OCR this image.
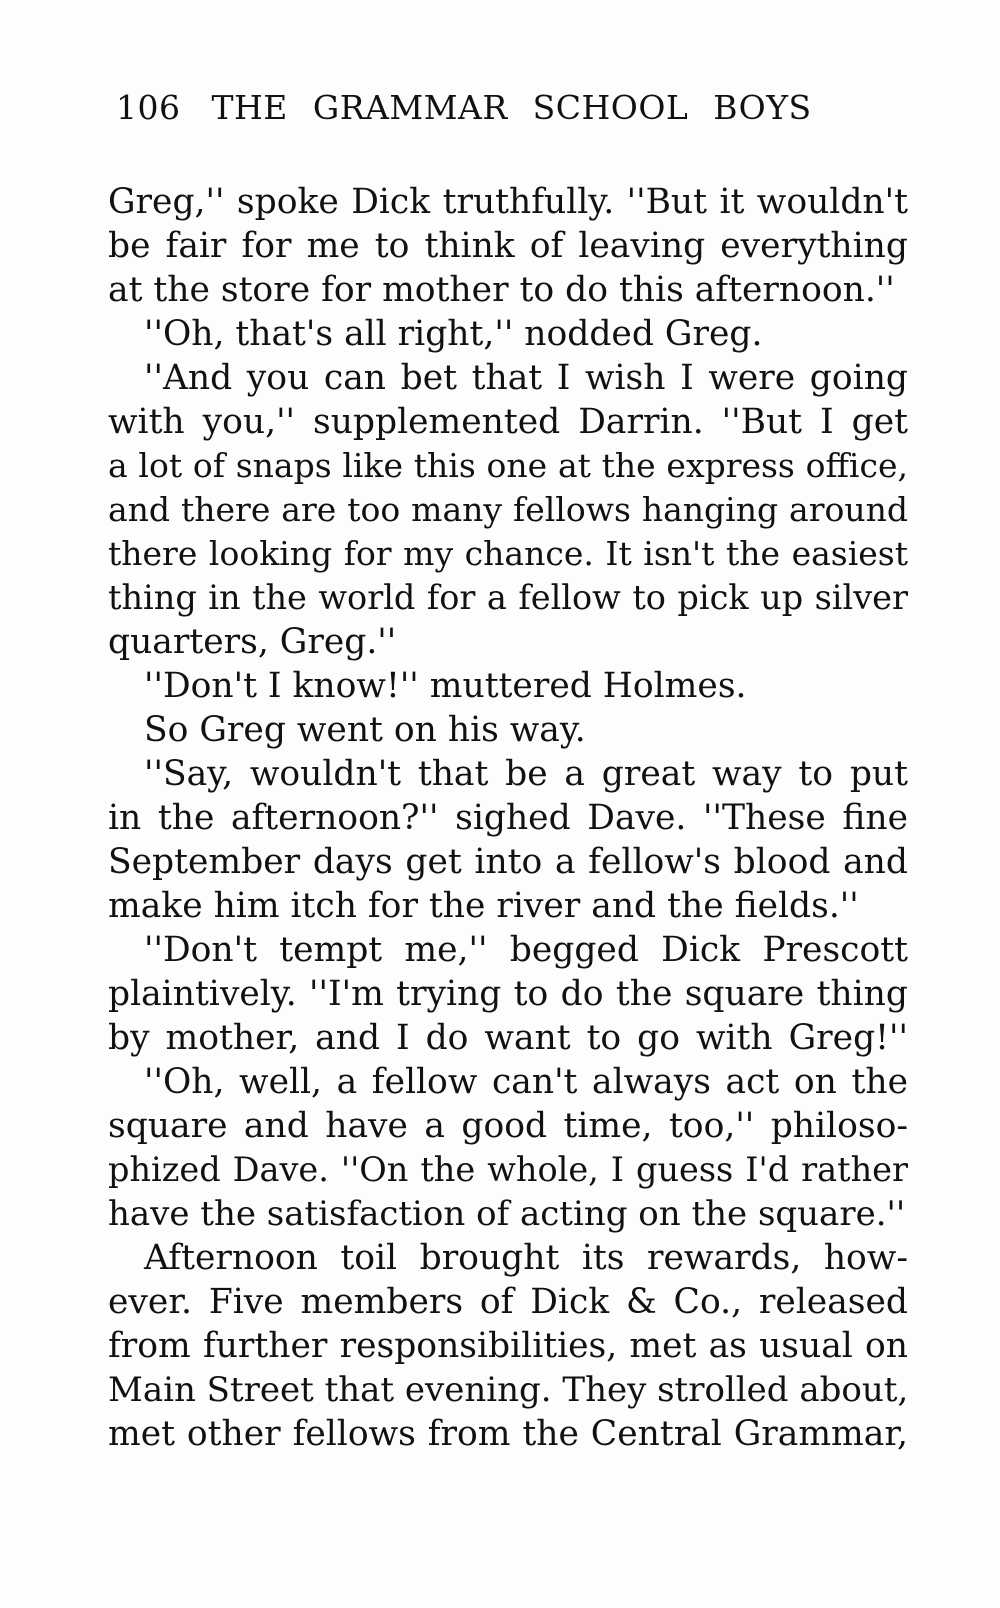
106 THE GRAMMAR SCHOOL BOYS
Greg,'' spoke Dick truthfully. ''But it wouldn't
be fair for me to think of leaving everything
at the store for mother to do this afternoon.''
''Oh, that's all right,'' nodded Greg.
''And you can bet that I wish I were going
with you,'' supplemented Darrin. ''But I get
a lot of snaps like this one at the express office,
and there are too many fellows hanging around
there looking for my chance. It isn't the easiest
thing in the world for a fellow to pick up silver
quarters, Greg.''
''Don't I know!'' muttered Holmes.
So Greg went on his way.
''Say, wouldn't that be a great way to put
in the afternoon?'' sighed Dave. ''These fine
September days get into a fellow's blood and
make him itch for the river and the fields.''
''Don't tempt me,'' begged Dick Prescott
plaintively. ''I'm trying to do the square thing
by mother, and I do want to go with Greg!''
''Oh, well, a fellow can't always act on the
square and have a good time, too,'' philoso-
phized Dave. ''On the whole, I guess I'd rather
have the satisfaction of acting on the square.''
Afternoon toil brought its rewards, how-
ever. Five members of Dick & Co., released
from further responsibilities, met as usual on
Main Street that evening. They strolled about,
met other fellows from the Central Grammar,
